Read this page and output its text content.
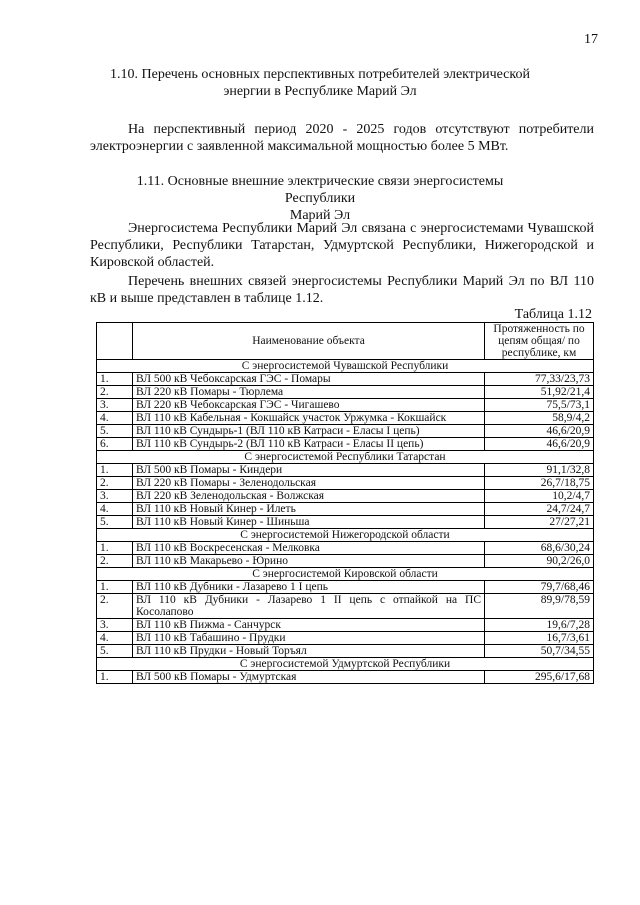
17
1.10. Перечень основных перспективных потребителей электрической
энергии в Республике Марий Эл
На перспективный период 2020 - 2025 годов отсутствуют потребители электроэнергии с заявленной максимальной мощностью более 5 МВт.
1.11. Основные внешние электрические связи энергосистемы Республики
Марий Эл
Энергосистема Республики Марий Эл связана с энергосистемами Чувашской Республики, Республики Татарстан, Удмуртской Республики, Нижегородской и Кировской областей.
Перечень внешних связей энергосистемы Республики Марий Эл по ВЛ 110 кВ и выше представлен в таблице 1.12.
Таблица 1.12
	Наименование объекта	Протяженность по цепям общая/ по республике, км
С энергосистемой Чувашской Республики		
1.	ВЛ 500 кВ Чебоксарская ГЭС - Помары	77,33/23,73
2.	ВЛ 220 кВ Помары - Тюрлема	51,92/21,4
3.	ВЛ 220 кВ Чебоксарская ГЭС - Чигашево	75,5/73,1
4.	ВЛ 110 кВ Кабельная - Кокшайск участок Уржумка - Кокшайск	58,9/4,2
5.	ВЛ 110 кВ Сундырь-1 (ВЛ 110 кВ Катраси - Еласы I цепь)	46,6/20,9
6.	ВЛ 110 кВ Сундырь-2 (ВЛ 110 кВ Катраси - Еласы II цепь)	46,6/20,9
С энергосистемой Республики Татарстан		
1.	ВЛ 500 кВ Помары - Киндери	91,1/32,8
2.	ВЛ 220 кВ Помары - Зеленодольская	26,7/18,75
3.	ВЛ 220 кВ Зеленодольская - Волжская	10,2/4,7
4.	ВЛ 110 кВ Новый Кинер - Илеть	24,7/24,7
5.	ВЛ 110 кВ Новый Кинер - Шиньша	27/27,21
С энергосистемой Нижегородской области		
1.	ВЛ 110 кВ Воскресенская - Мелковка	68,6/30,24
2.	ВЛ 110 кВ Макарьево - Юрино	90,2/26,0
С энергосистемой Кировской области		
1.	ВЛ 110 кВ Дубники - Лазарево 1 I цепь	79,7/68,46
2.	ВЛ 110 кВ Дубники - Лазарево 1 II цепь с отпайкой на ПС Косолапово	89,9/78,59
3.	ВЛ 110 кВ Пижма - Санчурск	19,6/7,28
4.	ВЛ 110 кВ Табашино - Прудки	16,7/3,61
5.	ВЛ 110 кВ Прудки - Новый Торъял	50,7/34,55
С энергосистемой Удмуртской Республики		
1.	ВЛ 500 кВ Помары - Удмуртская	295,6/17,68
